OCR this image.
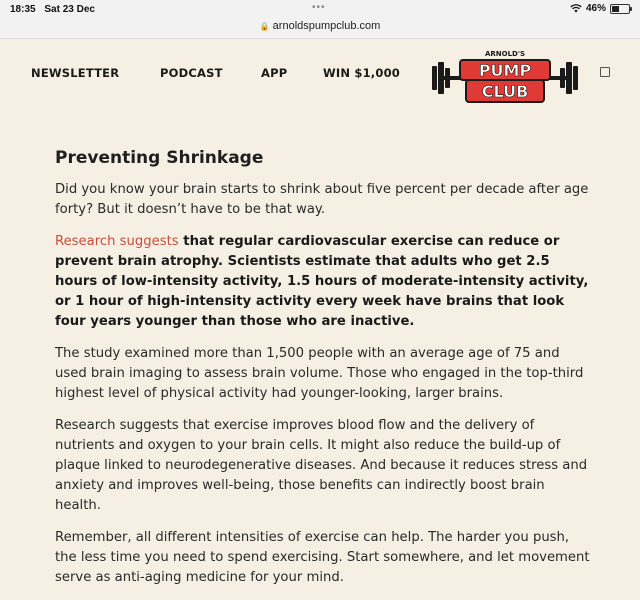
18:35 Sat 23 Dec	•••	46%
🔒 arnoldspumpclub.com
NEWSLETTER	PODCAST	APP	WIN $1,000
ARNOLD'S
PUMP
CLUB
Preventing Shrinkage

Did you know your brain starts to shrink about five percent per decade after age forty? But it doesn’t have to be that way.

Research suggests that regular cardiovascular exercise can reduce or prevent brain atrophy. Scientists estimate that adults who get 2.5 hours of low-intensity activity, 1.5 hours of moderate-intensity activity, or 1 hour of high-intensity activity every week have brains that look four years younger than those who are inactive.

The study examined more than 1,500 people with an average age of 75 and used brain imaging to assess brain volume. Those who engaged in the top-third highest level of physical activity had younger-looking, larger brains.

Research suggests that exercise improves blood flow and the delivery of nutrients and oxygen to your brain cells. It might also reduce the build-up of plaque linked to neurodegenerative diseases. And because it reduces stress and anxiety and improves well-being, those benefits can indirectly boost brain health.

Remember, all different intensities of exercise can help. The harder you push, the less time you need to spend exercising. Start somewhere, and let movement serve as anti-aging medicine for your mind.
